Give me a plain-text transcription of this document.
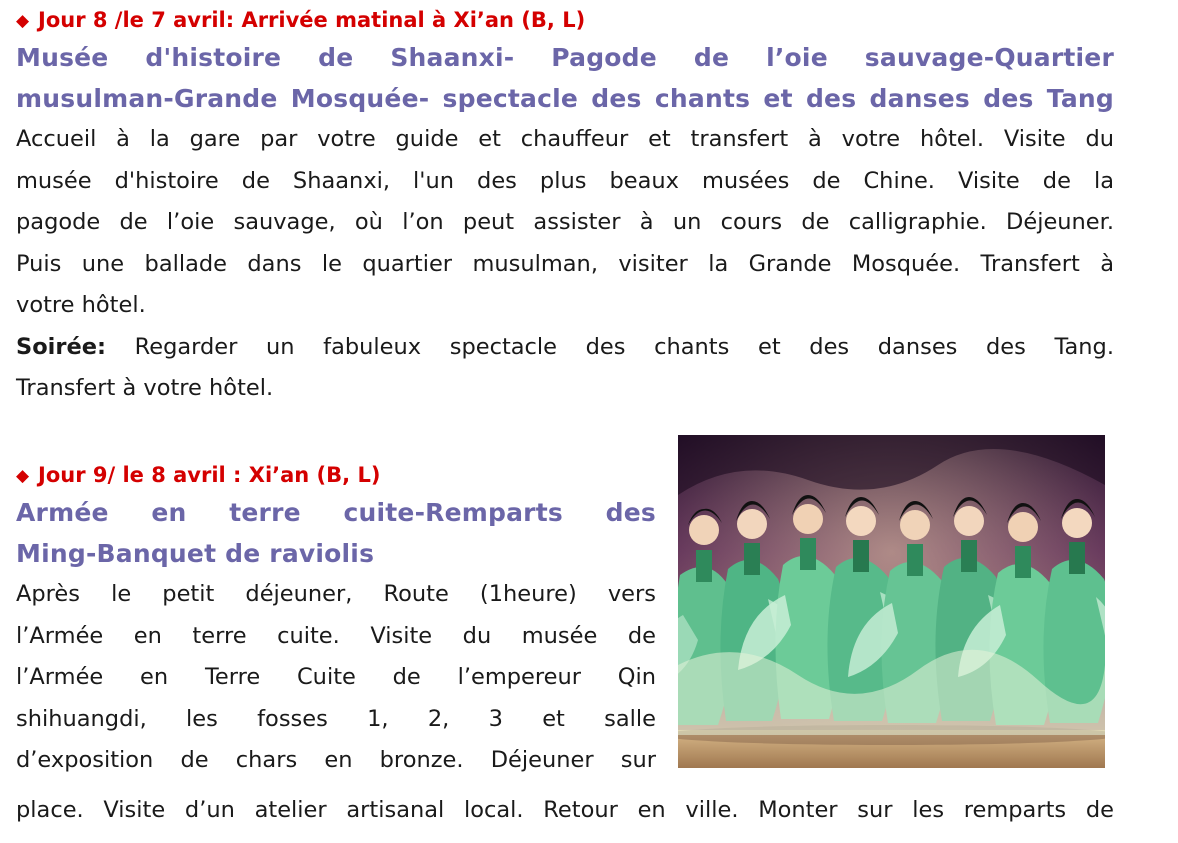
◆ Jour 8 /le 7 avril: Arrivée matinal à Xi’an (B, L)

Musée d'histoire de Shaanxi- Pagode de l’oie sauvage-Quartier
musulman-Grande Mosquée- spectacle des chants et des danses des Tang
Accueil à la gare par votre guide et chauffeur et transfert à votre hôtel. Visite du
musée d'histoire de Shaanxi, l'un des plus beaux musées de Chine. Visite de la
pagode de l’oie sauvage, où l’on peut assister à un cours de calligraphie. Déjeuner.
Puis une ballade dans le quartier musulman, visiter la Grande Mosquée. Transfert à
votre hôtel.
Soirée: Regarder un fabuleux spectacle des chants et des danses des Tang.
Transfert à votre hôtel.

◆ Jour 9/ le 8 avril : Xi’an (B, L)

Armée en terre cuite-Remparts des
Ming-Banquet de raviolis
Après le petit déjeuner, Route (1heure) vers
l’Armée en terre cuite. Visite du musée de
l’Armée en Terre Cuite de l’empereur Qin
shihuangdi, les fosses 1, 2, 3 et salle
d’exposition de chars en bronze. Déjeuner sur
place. Visite d’un atelier artisanal local. Retour en ville. Monter sur les remparts de
